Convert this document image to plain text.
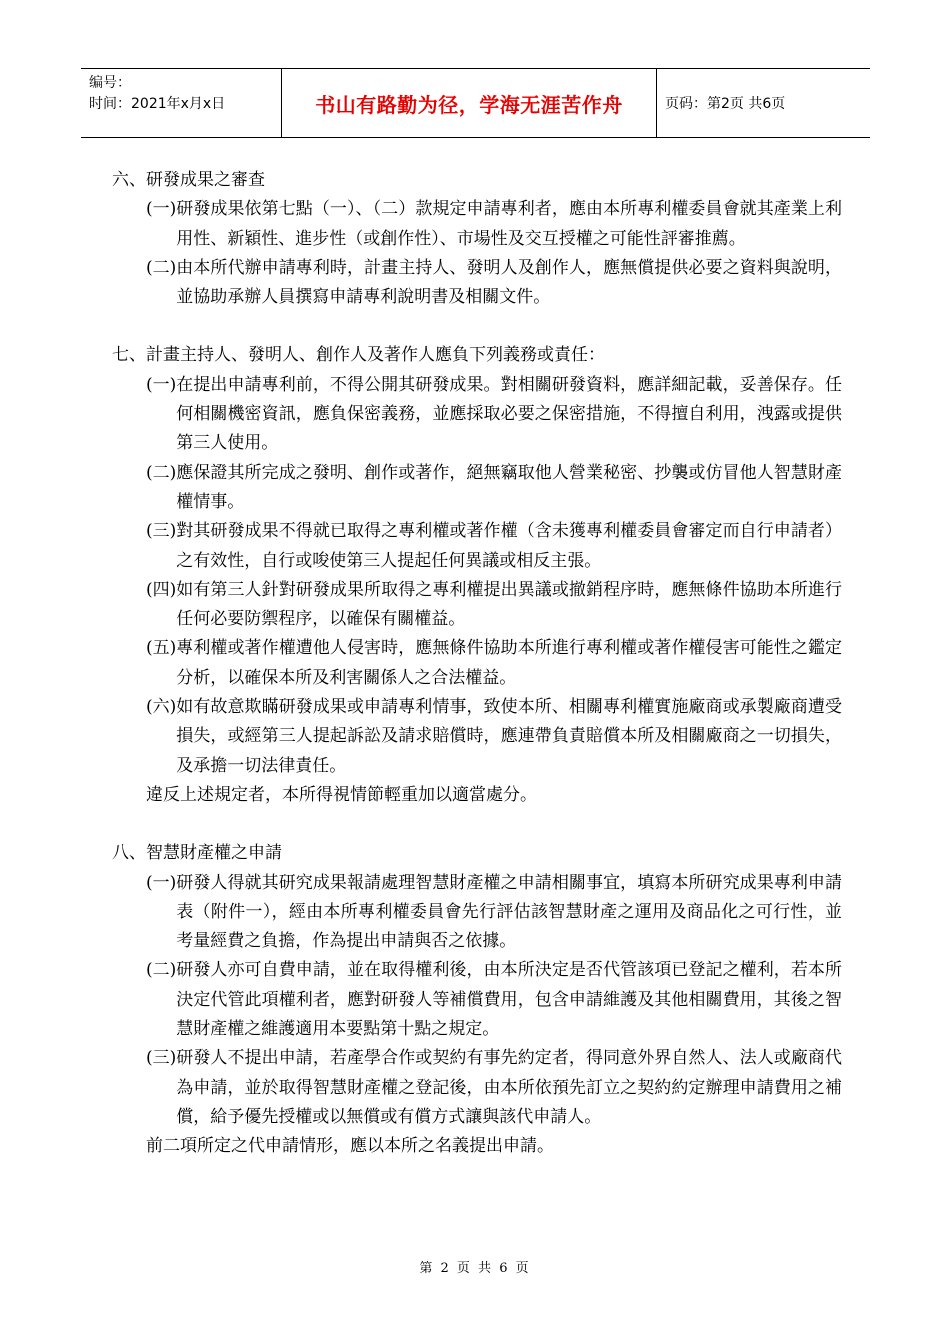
编号：
时间：2021年x月x日	书山有路勤为径，学海无涯苦作舟	页码：第2页 共6页

六、研發成果之審查

(一) 研發成果依第七點（一）、（二）款規定申請專利者，應由本所專利權委員會就其產業上利用性、新穎性、進步性（或創作性）、市場性及交互授權之可能性評審推薦。
(二) 由本所代辦申請專利時，計畫主持人、發明人及創作人，應無償提供必要之資料與說明，並協助承辦人員撰寫申請專利說明書及相關文件。

七、計畫主持人、發明人、創作人及著作人應負下列義務或責任：

(一) 在提出申請專利前，不得公開其研發成果。對相關研發資料，應詳細記載，妥善保存。任何相關機密資訊，應負保密義務，並應採取必要之保密措施，不得擅自利用，洩露或提供第三人使用。
(二) 應保證其所完成之發明、創作或著作，絕無竊取他人營業秘密、抄襲或仿冒他人智慧財產權情事。
(三) 對其研發成果不得就已取得之專利權或著作權（含未獲專利權委員會審定而自行申請者）之有效性，自行或唆使第三人提起任何異議或相反主張。
(四) 如有第三人針對研發成果所取得之專利權提出異議或撤銷程序時，應無條件協助本所進行任何必要防禦程序，以確保有關權益。
(五) 專利權或著作權遭他人侵害時，應無條件協助本所進行專利權或著作權侵害可能性之鑑定分析，以確保本所及利害關係人之合法權益。
(六) 如有故意欺瞞研發成果或申請專利情事，致使本所、相關專利權實施廠商或承製廠商遭受損失，或經第三人提起訴訟及請求賠償時，應連帶負責賠償本所及相關廠商之一切損失，及承擔一切法律責任。
違反上述規定者，本所得視情節輕重加以適當處分。

八、智慧財產權之申請

(一) 研發人得就其研究成果報請處理智慧財產權之申請相關事宜，填寫本所研究成果專利申請表（附件一），經由本所專利權委員會先行評估該智慧財產之運用及商品化之可行性，並考量經費之負擔，作為提出申請與否之依據。
(二) 研發人亦可自費申請，並在取得權利後，由本所決定是否代管該項已登記之權利，若本所決定代管此項權利者，應對研發人等補償費用，包含申請維護及其他相關費用，其後之智慧財產權之維護適用本要點第十點之規定。
(三) 研發人不提出申請，若產學合作或契約有事先約定者，得同意外界自然人、法人或廠商代為申請，並於取得智慧財產權之登記後，由本所依預先訂立之契約約定辦理申請費用之補償，給予優先授權或以無償或有償方式讓與該代申請人。
前二項所定之代申請情形，應以本所之名義提出申請。
第 2 页 共 6 页
